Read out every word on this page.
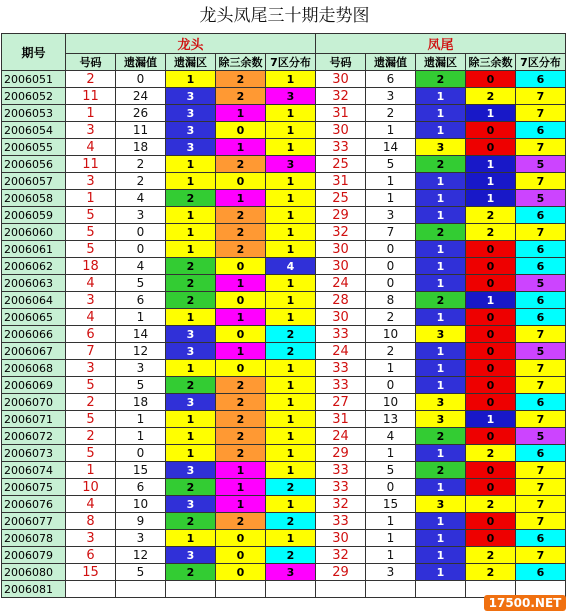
龙头凤尾三十期走势图
期号	龙头					凤尾				
	号码	遗漏值	遗漏区	除三余数	7区分布	号码	遗漏值	遗漏区	除三余数	7区分布
2006051	2	0	1	2	1	30	6	2	0	6
2006052	11	24	3	2	3	32	3	1	2	7
2006053	1	26	3	1	1	31	2	1	1	7
2006054	3	11	3	0	1	30	1	1	0	6
2006055	4	18	3	1	1	33	14	3	0	7
2006056	11	2	1	2	3	25	5	2	1	5
2006057	3	2	1	0	1	31	1	1	1	7
2006058	1	4	2	1	1	25	1	1	1	5
2006059	5	3	1	2	1	29	3	1	2	6
2006060	5	0	1	2	1	32	7	2	2	7
2006061	5	0	1	2	1	30	0	1	0	6
2006062	18	4	2	0	4	30	0	1	0	6
2006063	4	5	2	1	1	24	0	1	0	5
2006064	3	6	2	0	1	28	8	2	1	6
2006065	4	1	1	1	1	30	2	1	0	6
2006066	6	14	3	0	2	33	10	3	0	7
2006067	7	12	3	1	2	24	2	1	0	5
2006068	3	3	1	0	1	33	1	1	0	7
2006069	5	5	2	2	1	33	0	1	0	7
2006070	2	18	3	2	1	27	10	3	0	6
2006071	5	1	1	2	1	31	13	3	1	7
2006072	2	1	1	2	1	24	4	2	0	5
2006073	5	0	1	2	1	29	1	1	2	6
2006074	1	15	3	1	1	33	5	2	0	7
2006075	10	6	2	1	2	33	0	1	0	7
2006076	4	10	3	1	1	32	15	3	2	7
2006077	8	9	2	2	2	33	1	1	0	7
2006078	3	3	1	0	1	30	1	1	0	6
2006079	6	12	3	0	2	32	1	1	2	7
2006080	15	5	2	0	3	29	3	1	2	6
2006081										
17500.NET
